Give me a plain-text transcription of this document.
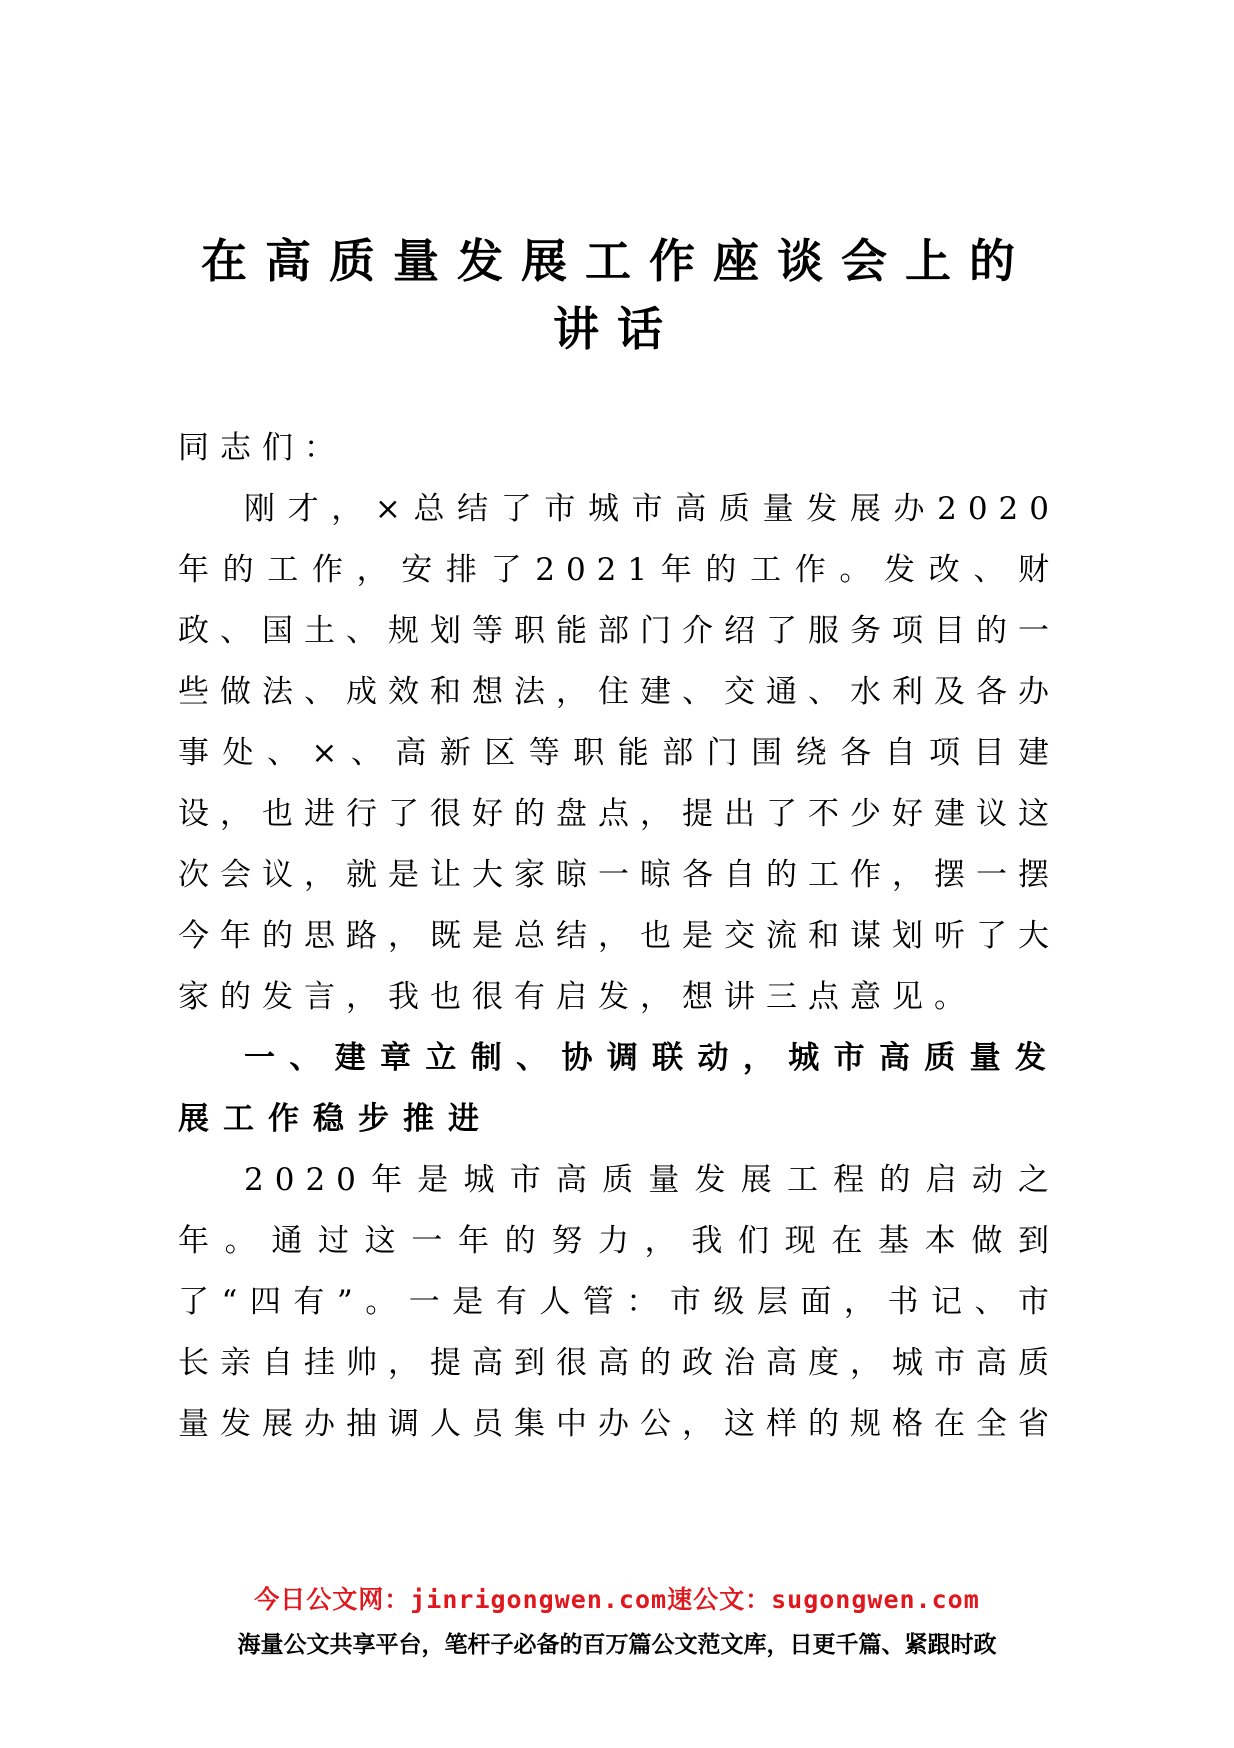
在高质量发展工作座谈会上的
讲话

同志们：

刚才，×总结了市城市高质量发展办2020年的工作，安排了2021年的工作。发改、财政、国土、规划等职能部门介绍了服务项目的一些做法、成效和想法，住建、交通、水利及各办事处、×、高新区等职能部门围绕各自项目建设，也进行了很好的盘点，提出了不少好建议这次会议，就是让大家晾一晾各自的工作，摆一摆今年的思路，既是总结，也是交流和谋划听了大家的发言，我也很有启发，想讲三点意见。

一、建章立制、协调联动，城市高质量发展工作稳步推进

2020年是城市高质量发展工程的启动之年。通过这一年的努力，我们现在基本做到了“四有”。一是有人管：市级层面，书记、市长亲自挂帅，提高到很高的政治高度，城市高质量发展办抽调人员集中办公，这样的规格在全省

今日公文网：jinrigongwen.com速公文：sugongwen.com
海量公文共享平台，笔杆子必备的百万篇公文范文库，日更千篇、紧跟时政
